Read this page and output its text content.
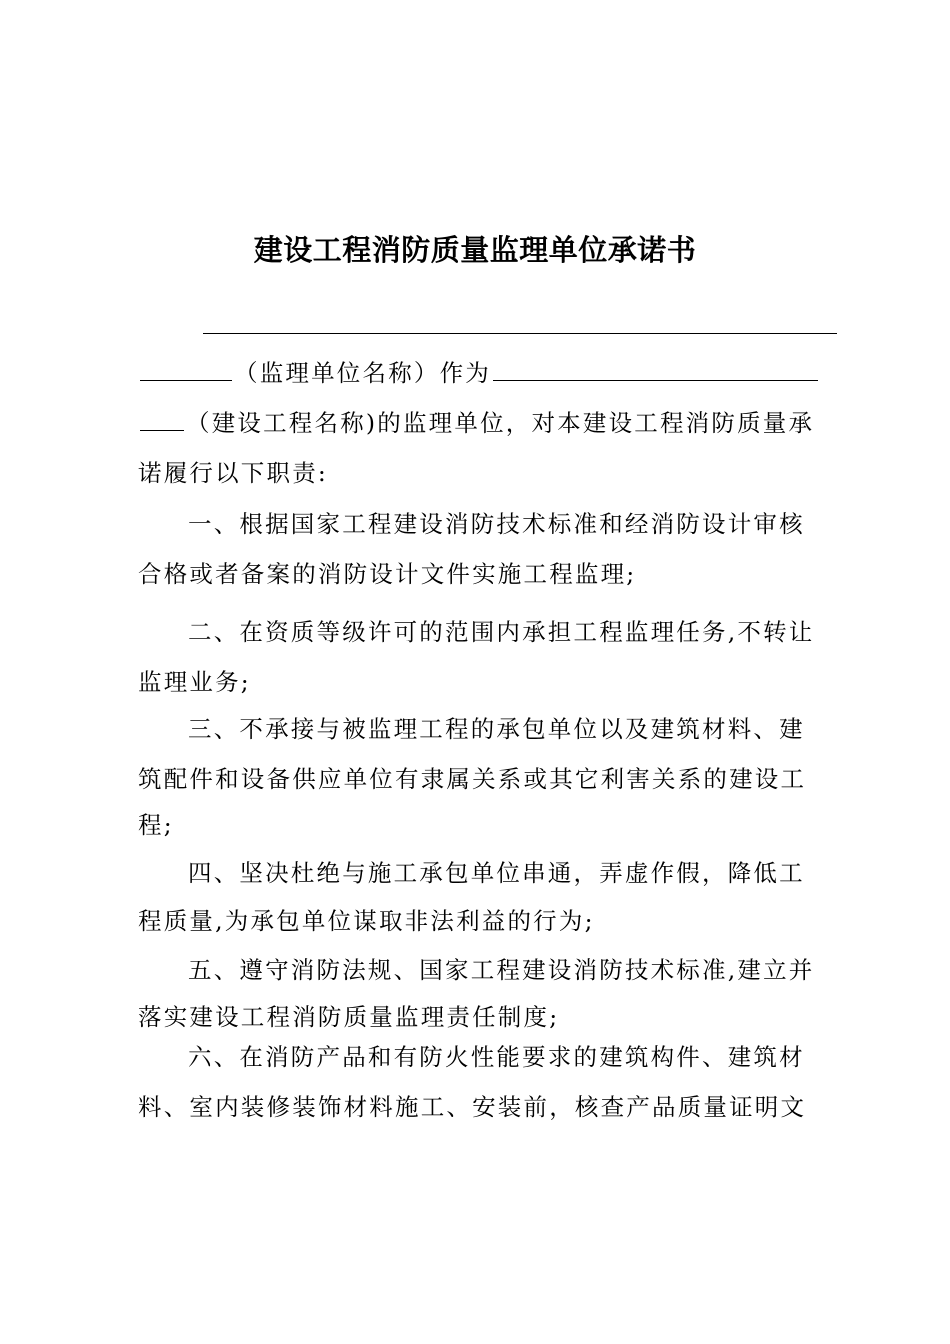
建设工程消防质量监理单位承诺书
（监理单位名称）作为
（建设工程名称)的监理单位，对本建设工程消防质量承
诺履行以下职责:
一、根据国家工程建设消防技术标准和经消防设计审核
合格或者备案的消防设计文件实施工程监理;
二、在资质等级许可的范围内承担工程监理任务,不转让
监理业务;
三、不承接与被监理工程的承包单位以及建筑材料、建
筑配件和设备供应单位有隶属关系或其它利害关系的建设工
程;
四、坚决杜绝与施工承包单位串通，弄虚作假，降低工
程质量,为承包单位谋取非法利益的行为;
五、遵守消防法规、国家工程建设消防技术标准,建立并
落实建设工程消防质量监理责任制度;
六、在消防产品和有防火性能要求的建筑构件、建筑材
料、室内装修装饰材料施工、安装前，核查产品质量证明文
